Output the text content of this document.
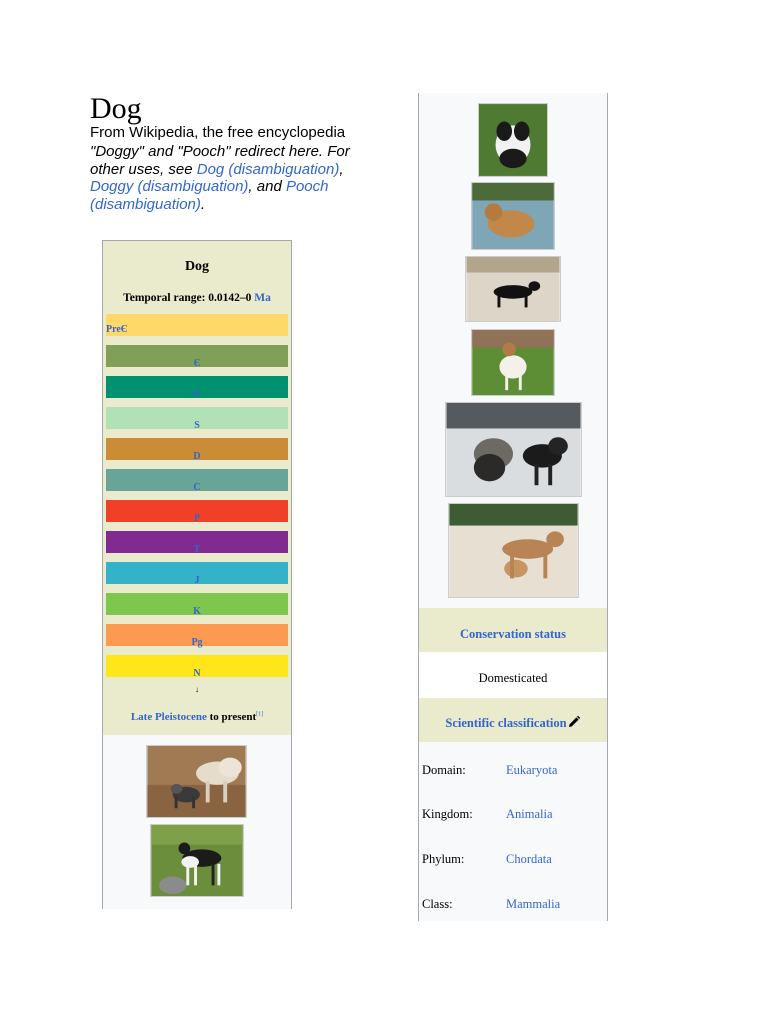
Dog
From Wikipedia, the free encyclopedia
"Doggy" and "Pooch" redirect here. For other uses, see Dog (disambiguation), Doggy (disambiguation), and Pooch (disambiguation).
Dog
Temporal range: 0.0142–0 Ma
PreЄ
Є
O
S
D
C
P
T
J
K
Pg
N
↓
Late Pleistocene to present[1]
Conservation status
Domesticated
Scientific classification
Domain:	Eukaryota
Kingdom:	Animalia
Phylum:	Chordata
Class:	Mammalia
